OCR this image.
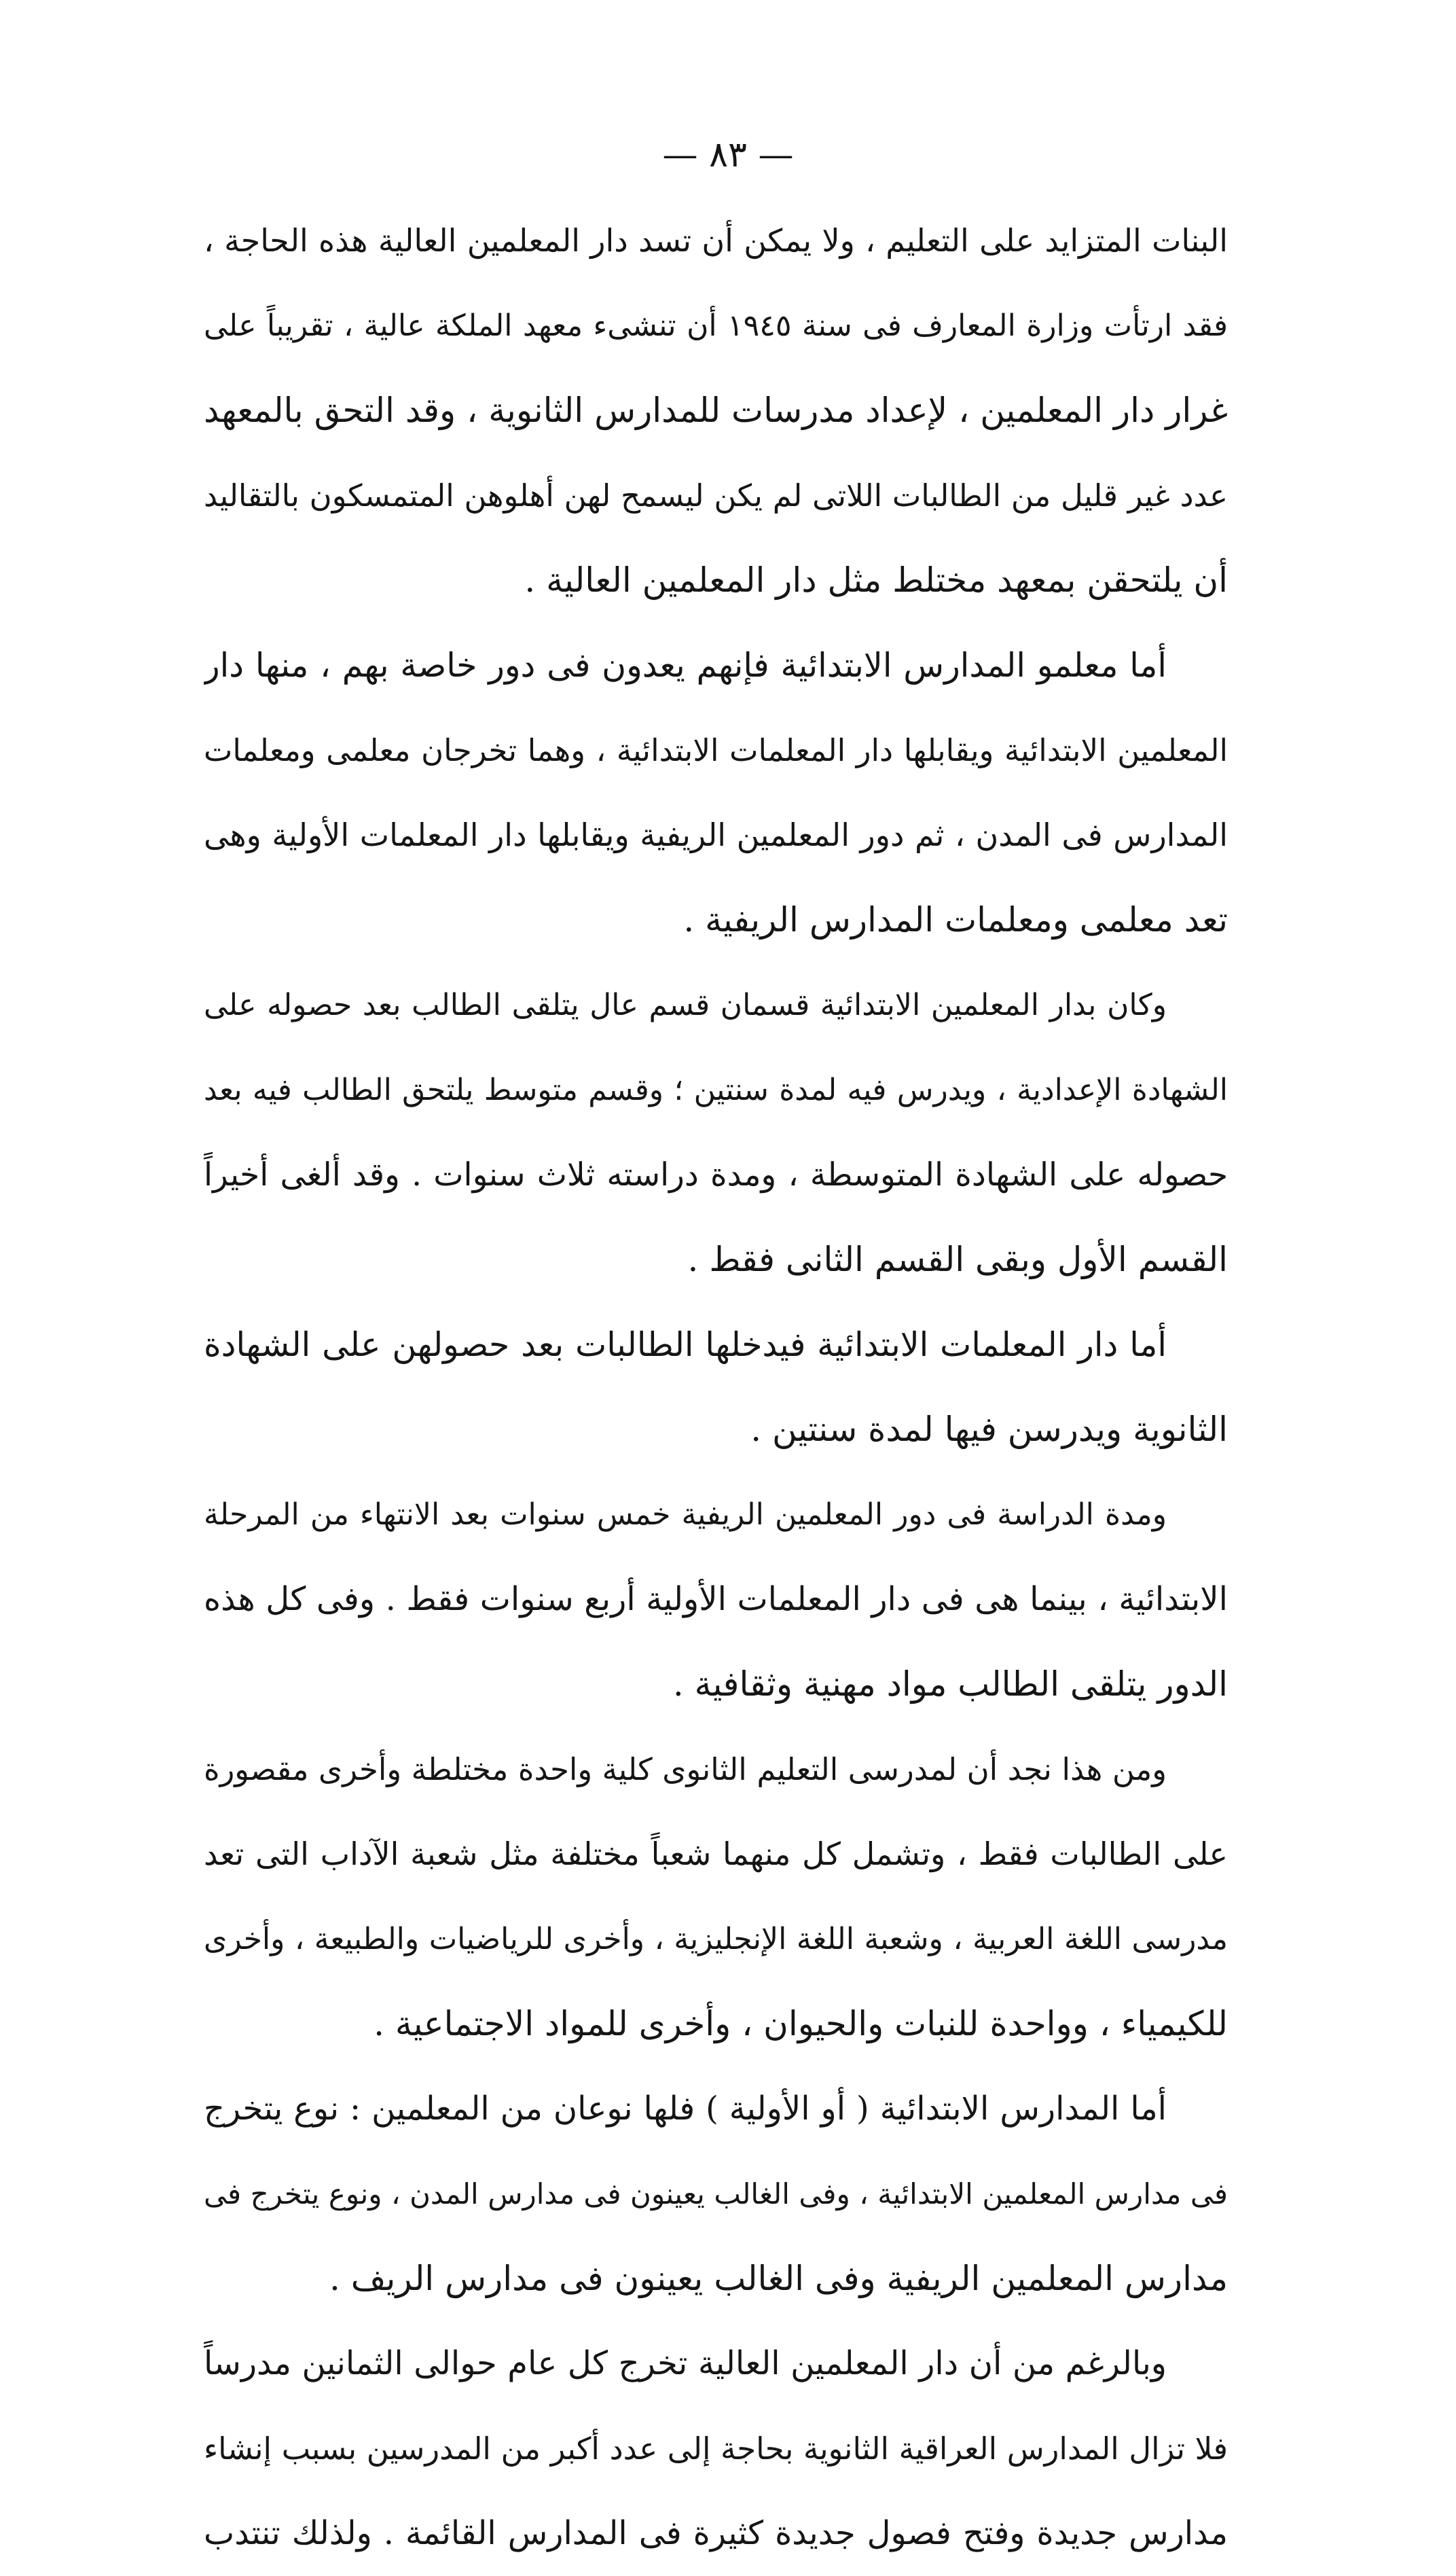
— ٨٣ —
البنات المتزايد على التعليم ، ولا يمكن أن تسد دار المعلمين العالية هذه الحاجة ،
فقد ارتأت وزارة المعارف فى سنة ١٩٤٥ أن تنشىء معهد الملكة عالية ، تقريباً على
غرار دار المعلمين ، لإعداد مدرسات للمدارس الثانوية ، وقد التحق بالمعهد
عدد غير قليل من الطالبات اللاتى لم يكن ليسمح لهن أهلوهن المتمسكون بالتقاليد
أن يلتحقن بمعهد مختلط مثل دار المعلمين العالية .
أما معلمو المدارس الابتدائية فإنهم يعدون فى دور خاصة بهم ، منها دار
المعلمين الابتدائية ويقابلها دار المعلمات الابتدائية ، وهما تخرجان معلمى ومعلمات
المدارس فى المدن ، ثم دور المعلمين الريفية ويقابلها دار المعلمات الأولية وهى
تعد معلمى ومعلمات المدارس الريفية .
وكان بدار المعلمين الابتدائية قسمان قسم عال يتلقى الطالب بعد حصوله على
الشهادة الإعدادية ، ويدرس فيه لمدة سنتين ؛ وقسم متوسط يلتحق الطالب فيه بعد
حصوله على الشهادة المتوسطة ، ومدة دراسته ثلاث سنوات . وقد ألغى أخيراً
القسم الأول وبقى القسم الثانى فقط .
أما دار المعلمات الابتدائية فيدخلها الطالبات بعد حصولهن على الشهادة
الثانوية ويدرسن فيها لمدة سنتين .
ومدة الدراسة فى دور المعلمين الريفية خمس سنوات بعد الانتهاء من المرحلة
الابتدائية ، بينما هى فى دار المعلمات الأولية أربع سنوات فقط . وفى كل هذه
الدور يتلقى الطالب مواد مهنية وثقافية .
ومن هذا نجد أن لمدرسى التعليم الثانوى كلية واحدة مختلطة وأخرى مقصورة
على الطالبات فقط ، وتشمل كل منهما شعباً مختلفة مثل شعبة الآداب التى تعد
مدرسى اللغة العربية ، وشعبة اللغة الإنجليزية ، وأخرى للرياضيات والطبيعة ، وأخرى
للكيمياء ، وواحدة للنبات والحيوان ، وأخرى للمواد الاجتماعية .
أما المدارس الابتدائية ( أو الأولية ) فلها نوعان من المعلمين : نوع يتخرج
فى مدارس المعلمين الابتدائية ، وفى الغالب يعينون فى مدارس المدن ، ونوع يتخرج فى
مدارس المعلمين الريفية وفى الغالب يعينون فى مدارس الريف .
وبالرغم من أن دار المعلمين العالية تخرج كل عام حوالى الثمانين مدرساً
فلا تزال المدارس العراقية الثانوية بحاجة إلى عدد أكبر من المدرسين بسبب إنشاء
مدارس جديدة وفتح فصول جديدة كثيرة فى المدارس القائمة . ولذلك تنتدب
